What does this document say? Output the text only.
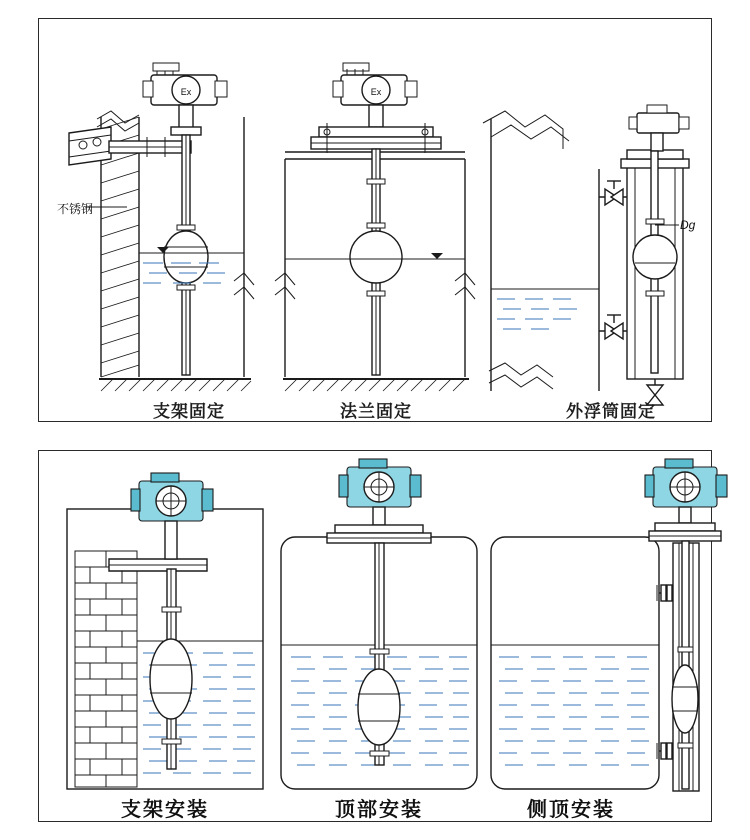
Ex	Ex
不锈钢
Dg
支架固定	法兰固定	外浮筒固定
支架安装	顶部安装	侧顶安装
